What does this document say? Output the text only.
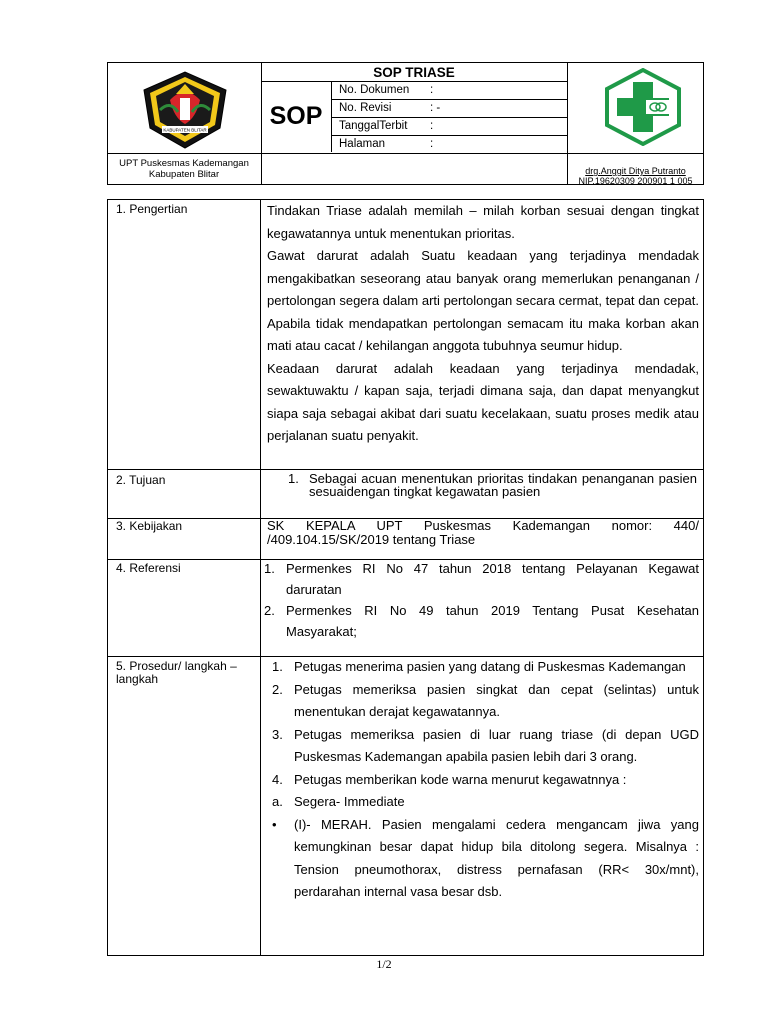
KABUPATEN BLITAR
UPT Puskesmas Kademangan
Kabupaten Blitar
SOP TRIASE
SOP
No. Dokumen :
No. Revisi	: -
TanggalTerbit :
Halaman	:
drg.Anggit Ditya Putranto
NIP.19620309 200901 1 005
1. Pengertian	Tindakan Triase adalah memilah – milah korban sesuai dengan tingkat kegawatannya untuk menentukan prioritas.
Gawat darurat adalah Suatu keadaan yang terjadinya mendadak mengakibatkan seseorang atau banyak orang memerlukan penanganan / pertolongan segera dalam arti pertolongan secara cermat, tepat dan cepat. Apabila tidak mendapatkan pertolongan semacam itu maka korban akan mati atau cacat / kehilangan anggota tubuhnya seumur hidup.
Keadaan darurat adalah keadaan yang terjadinya mendadak, sewaktuwaktu / kapan saja, terjadi dimana saja, dan dapat menyangkut siapa saja sebagai akibat dari suatu kecelakaan, suatu proses medik atau perjalanan suatu penyakit.
2. Tujuan	1. Sebagai acuan menentukan prioritas tindakan penanganan pasien sesuaidengan tingkat kegawatan pasien
3. Kebijakan	SK KEPALA UPT Puskesmas Kademangan nomor: 440/ /409.104.15/SK/2019 tentang Triase
4. Referensi	1. Permenkes RI No 47 tahun 2018 tentang Pelayanan Kegawat daruratan
2. Permenkes RI No 49 tahun 2019 Tentang Pusat Kesehatan Masyarakat;
5. Prosedur/ langkah – langkah
1. Petugas menerima pasien yang datang di Puskesmas Kademangan
2. Petugas memeriksa pasien singkat dan cepat (selintas) untuk menentukan derajat kegawatannya.
3. Petugas memeriksa pasien di luar ruang triase (di depan UGD Puskesmas Kademangan apabila pasien lebih dari 3 orang.
4. Petugas memberikan kode warna menurut kegawatnnya :
a. Segera- Immediate
• (I)- MERAH. Pasien mengalami cedera mengancam jiwa yang kemungkinan besar dapat hidup bila ditolong segera. Misalnya : Tension pneumothorax, distress pernafasan (RR< 30x/mnt), perdarahan internal vasa besar dsb.
1/2
